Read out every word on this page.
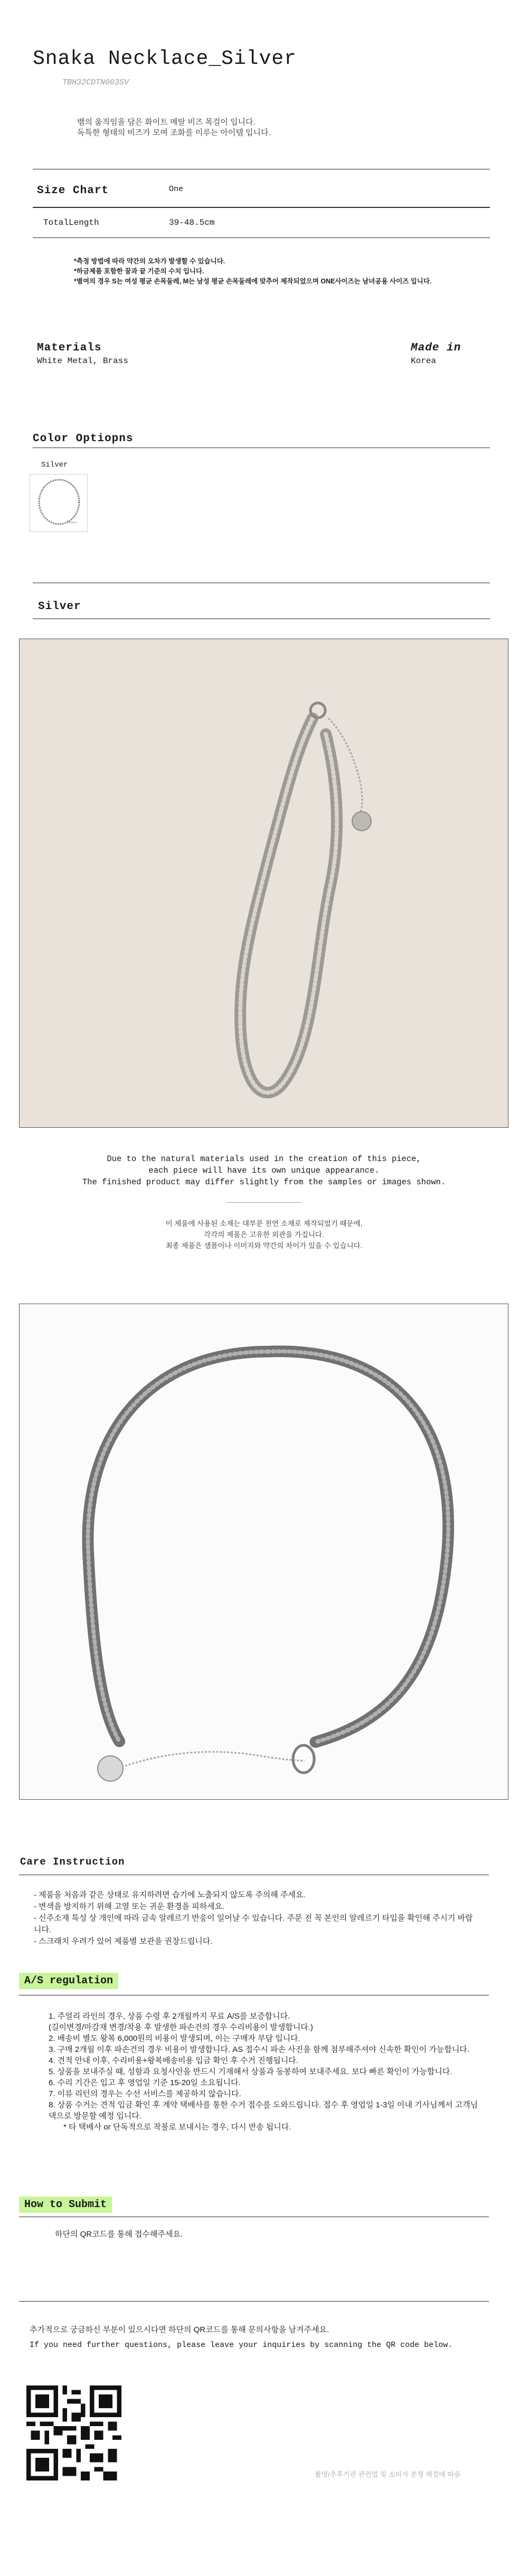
Snaka Necklace_Silver
TBH32CDTN003SV
뱀의 움직임을 담은 화이트 메탈 비즈 목걸이 입니다.
독특한 형태의 비즈가 모여 조화를 이루는 아이템 입니다.
Size Chart	One
TotalLength	39-48.5cm
*측정 방법에 따라 약간의 오차가 발생할 수 있습니다.
*하금제품 포함한 꿀과 끝 기준의 수치 입니다.
*별여의 경우 S는 여성 평균 손목둘레, M는 남성 평균 손목둘레에 맞추어 제작되었으며 ONE사이즈는 남녀공용 사이즈 입니다.
Materials
White Metal, Brass
Made in
Korea
Color Optiopns
Silver
Silver
Due to the natural materials used in the creation of this piece,
each piece will have its own unique appearance.
The finished product may differ slightly from the samples or images shown.
이 제품에 사용된 소재는 대부분 천연 소재로 제작되었기 때문에,
각각의 제품은 고유한 외관을 가집니다.
최종 제품은 샘플이나 이미지와 약간의 차이가 있을 수 있습니다.
Care Instruction
- 제품을 처음과 같은 상태로 유지하려면 습기에 노출되지 않도록 주의해 주세요.
- 변색을 방지하기 위해 고열 또는 귀운 환경을 피하세요.
- 신주소재 특성 상 개인에 따라 금속 알레르기 반응이 일어날 수 있습니다. 주문 전 꼭 본인의 알레르기 타입을 확인해 주시기 바랍니다.
- 스크래치 우려가 있어 제품별 보관을 권장드립니다.
A/S regulation
1. 주얼리 라인의 경우, 상품 수령 후 2개월까지 무료 A/S를 보증합니다.
(길이변경/마감재 변경/착용 후 발생한 파손건의 경우 수리비용이 발생합니다.)
2. 배송비 별도 왕복 6,000원의 비용이 발생되며, 이는 구매자 부담 입니다.
3. 구매 2개월 이후 파손건의 경우 비용이 발생합니다. AS 접수시 파손 사진을 함께 첨부해주셔야 신속한 확인이 가능합니다.
4. 견적 안내 이후, 수리비용+왕복배송비용 입금 확인 후 수거 진행됩니다.
5. 상품을 보내주실 때, 성함과 요청사안을 반드시 기재해서 상품과 동봉하여 보내주세요. 보다 빠른 확인이 가능합니다.
6. 수리 기간은 입고 후 영업일 기준 15-20일 소요됩니다.
7. 이류 리턴의 경우는 수선 서비스를 제공하지 않습니다.
8. 상품 수거는 견적 입금 확인 후 계약 택배사를 통한 수거 접수를 도와드립니다. 접수 후 영업일 1-3일 이내 기사님께서 고객님 댁으로 방문할 예정 입니다.
* 타 택배사 or 단독적으로 착불로 보내시는 경우, 다시 반송 됩니다.
How to Submit
하단의 QR코드를 통해 접수해주세요.
추가적으로 궁금하신 부분이 있으시다면 하단의 QR코드를 통해 문의사항을 남겨주세요.
If you need further questions, please leave your inquiries by scanning the QR code below.
촬영/추후기관 관련법 및 소비자 분쟁 해결에 따름
